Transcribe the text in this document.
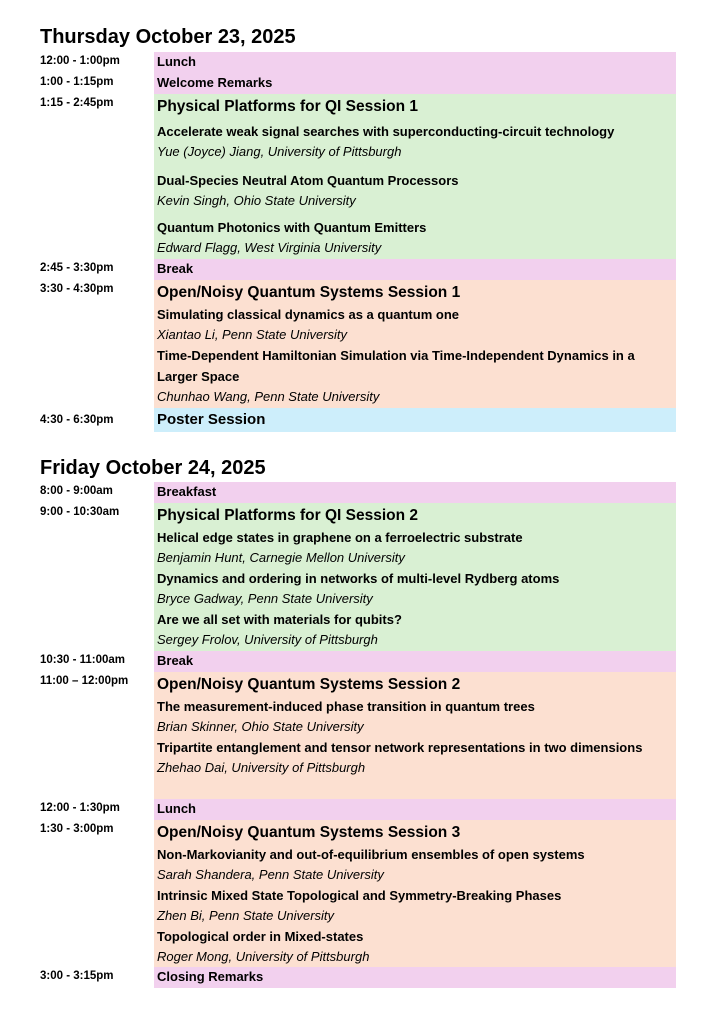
Thursday October 23, 2025
12:00 - 1:00pm	Lunch
1:00 - 1:15pm	Welcome Remarks
1:15 - 2:45pm	Physical Platforms for QI Session 1
Accelerate weak signal searches with superconducting-circuit technology
Yue (Joyce) Jiang, University of Pittsburgh
Dual-Species Neutral Atom Quantum Processors
Kevin Singh, Ohio State University
Quantum Photonics with Quantum Emitters
Edward Flagg, West Virginia University
2:45 - 3:30pm	Break
3:30 - 4:30pm	Open/Noisy Quantum Systems Session 1
Simulating classical dynamics as a quantum one
Xiantao Li, Penn State University
Time-Dependent Hamiltonian Simulation via Time-Independent Dynamics in a Larger Space
Chunhao Wang, Penn State University
4:30 - 6:30pm	Poster Session
Friday October 24, 2025
8:00 - 9:00am	Breakfast
9:00 - 10:30am	Physical Platforms for QI Session 2
Helical edge states in graphene on a ferroelectric substrate
Benjamin Hunt, Carnegie Mellon University
Dynamics and ordering in networks of multi-level Rydberg atoms
Bryce Gadway, Penn State University
Are we all set with materials for qubits?
Sergey Frolov, University of Pittsburgh
10:30 - 11:00am	Break
11:00 – 12:00pm	Open/Noisy Quantum Systems Session 2
The measurement-induced phase transition in quantum trees
Brian Skinner, Ohio State University
Tripartite entanglement and tensor network representations in two dimensions
Zhehao Dai, University of Pittsburgh
12:00 - 1:30pm	Lunch
1:30 - 3:00pm	Open/Noisy Quantum Systems Session 3
Non-Markovianity and out-of-equilibrium ensembles of open systems
Sarah Shandera, Penn State University
Intrinsic Mixed State Topological and Symmetry-Breaking Phases
Zhen Bi, Penn State University
Topological order in Mixed-states
Roger Mong, University of Pittsburgh
3:00 - 3:15pm	Closing Remarks
